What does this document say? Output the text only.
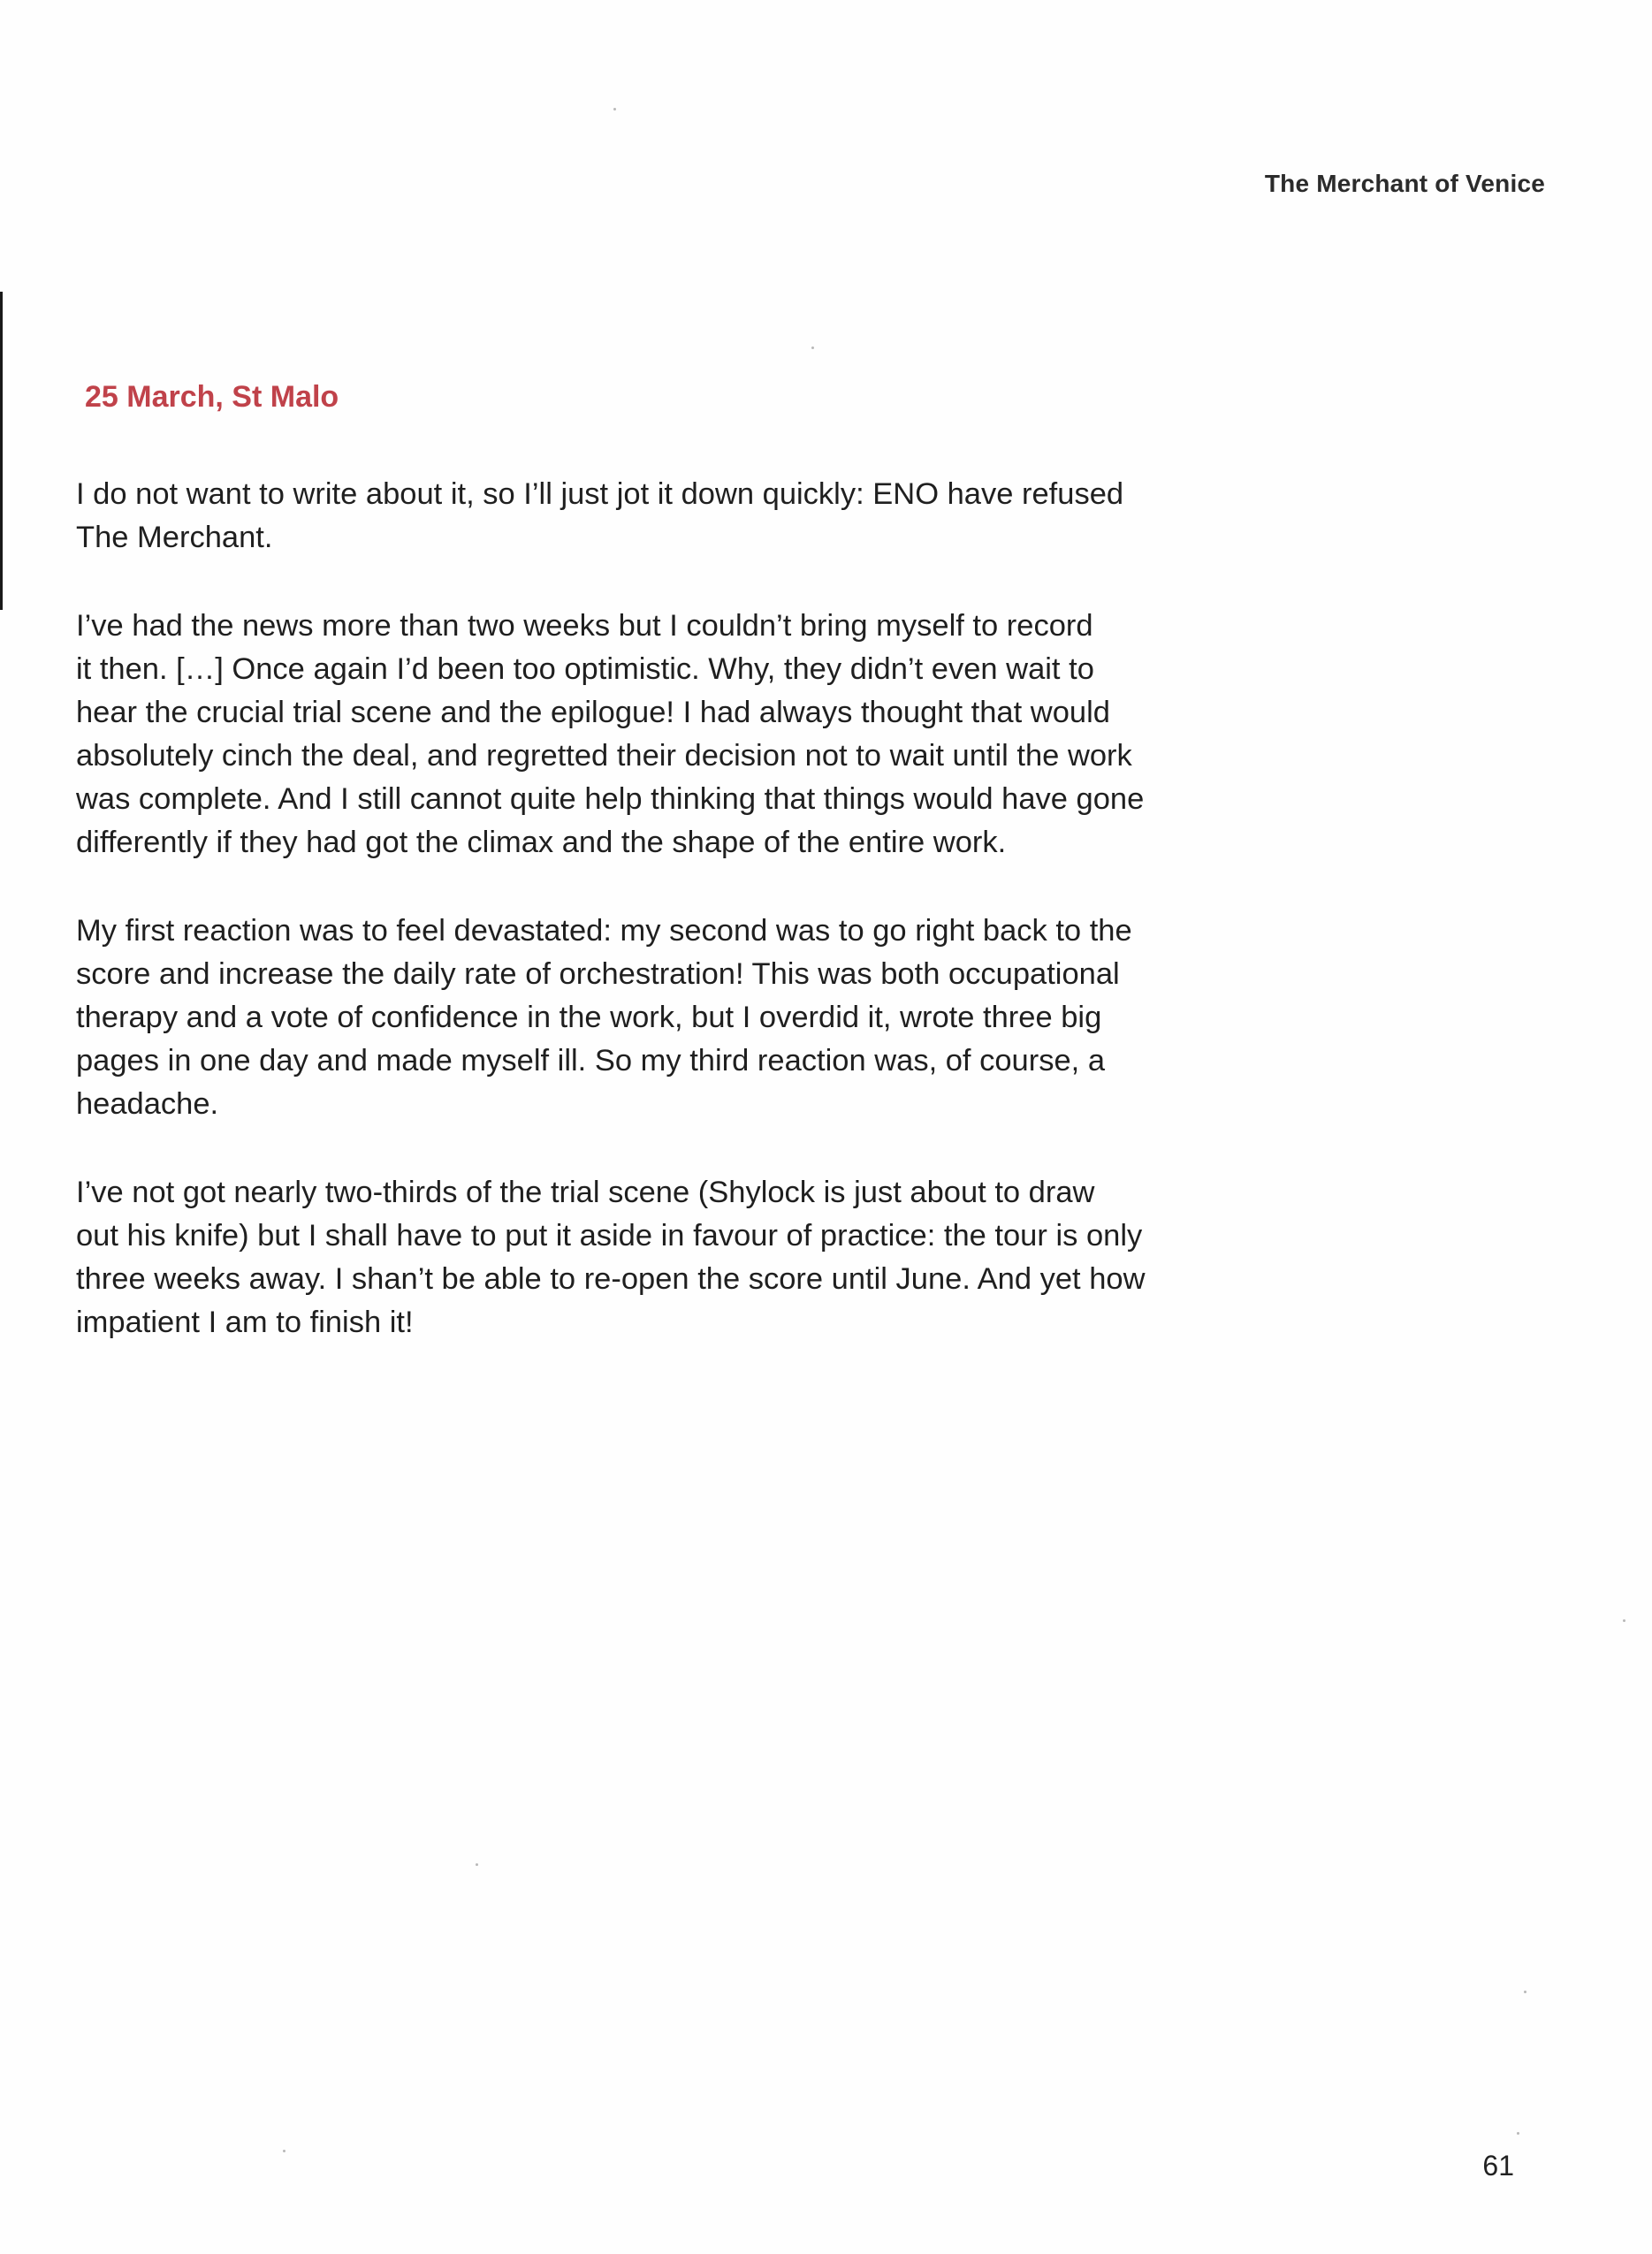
The Merchant of Venice
25 March, St Malo

I do not want to write about it, so I’ll just jot it down quickly: ENO have refused
The Merchant.

I’ve had the news more than two weeks but I couldn’t bring myself to record
it then. […] Once again I’d been too optimistic. Why, they didn’t even wait to
hear the crucial trial scene and the epilogue! I had always thought that would
absolutely cinch the deal, and regretted their decision not to wait until the work
was complete. And I still cannot quite help thinking that things would have gone
differently if they had got the climax and the shape of the entire work.

My first reaction was to feel devastated: my second was to go right back to the
score and increase the daily rate of orchestration! This was both occupational
therapy and a vote of confidence in the work, but I overdid it, wrote three big
pages in one day and made myself ill. So my third reaction was, of course, a
headache.

I’ve not got nearly two-thirds of the trial scene (Shylock is just about to draw
out his knife) but I shall have to put it aside in favour of practice: the tour is only
three weeks away. I shan’t be able to re-open the score until June. And yet how
impatient I am to finish it!

61
